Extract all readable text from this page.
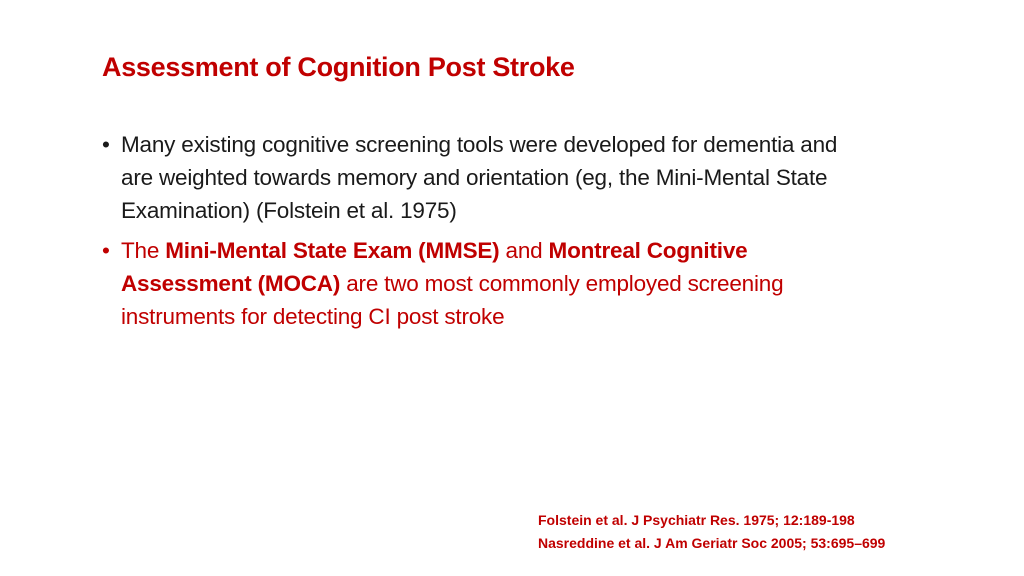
Assessment of Cognition Post Stroke
• Many existing cognitive screening tools were developed for dementia and are weighted towards memory and orientation (eg, the Mini-Mental State Examination) (Folstein et al. 1975)
• The Mini-Mental State Exam (MMSE) and Montreal Cognitive Assessment (MOCA) are two most commonly employed screening instruments for detecting CI post stroke
Folstein et al. J Psychiatr Res. 1975; 12:189-198
Nasreddine et al. J Am Geriatr Soc 2005; 53:695–699
